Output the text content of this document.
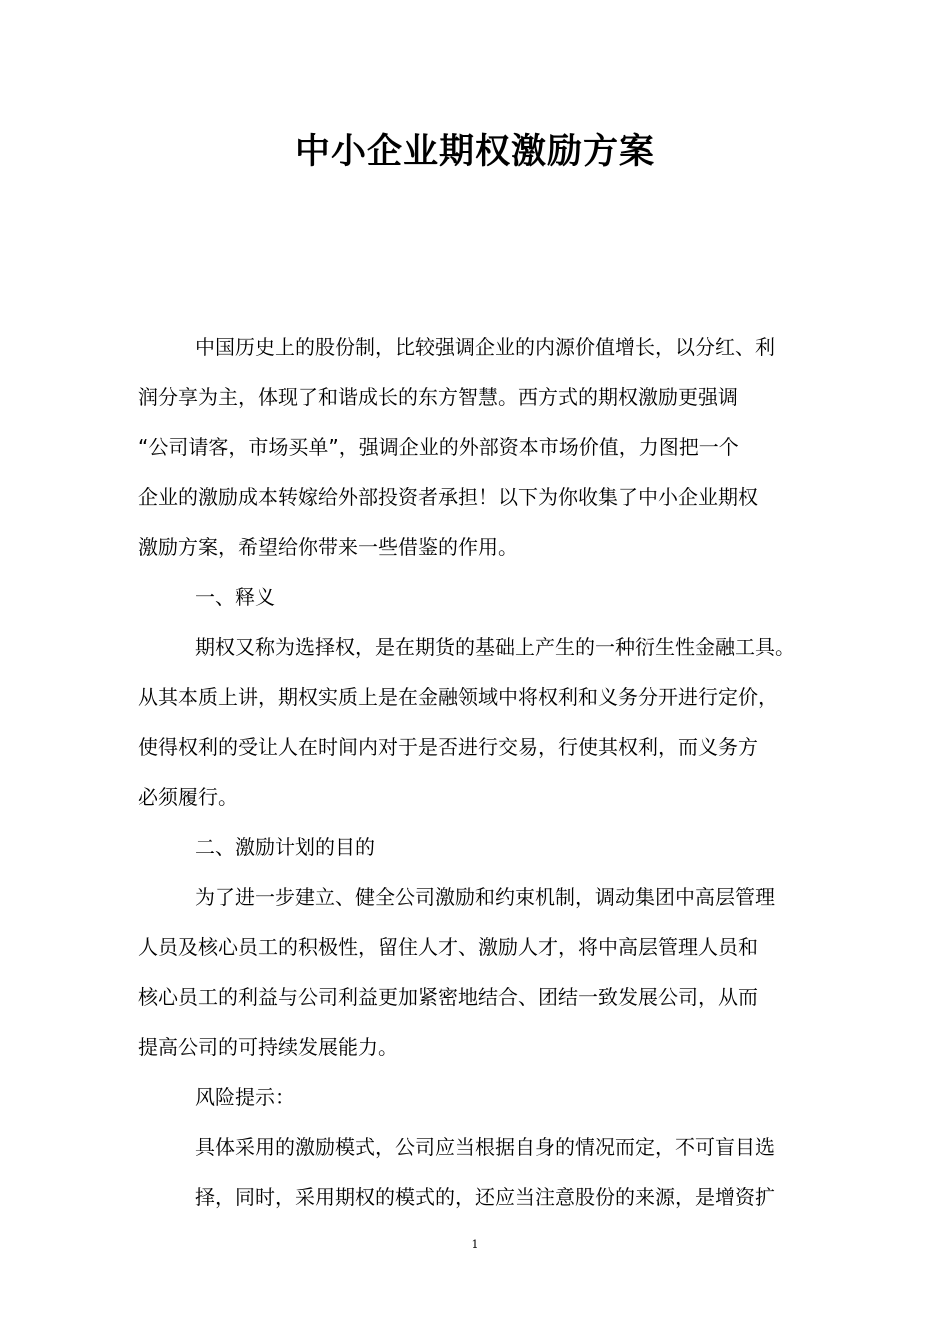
中小企业期权激励方案
中国历史上的股份制，比较强调企业的内源价值增长，以分红、利
润分享为主，体现了和谐成长的东方智慧。西方式的期权激励更强调
“公司请客，市场买单”，强调企业的外部资本市场价值，力图把一个
企业的激励成本转嫁给外部投资者承担！以下为你收集了中小企业期权
激励方案，希望给你带来一些借鉴的作用。
一、释义
期权又称为选择权，是在期货的基础上产生的一种衍生性金融工具。
从其本质上讲，期权实质上是在金融领域中将权利和义务分开进行定价，
使得权利的受让人在时间内对于是否进行交易，行使其权利，而义务方
必须履行。
二、激励计划的目的
为了进一步建立、健全公司激励和约束机制，调动集团中高层管理
人员及核心员工的积极性，留住人才、激励人才，将中高层管理人员和
核心员工的利益与公司利益更加紧密地结合、团结一致发展公司，从而
提高公司的可持续发展能力。
风险提示：
具体采用的激励模式，公司应当根据自身的情况而定，不可盲目选
择，同时，采用期权的模式的，还应当注意股份的来源，是增资扩
1
